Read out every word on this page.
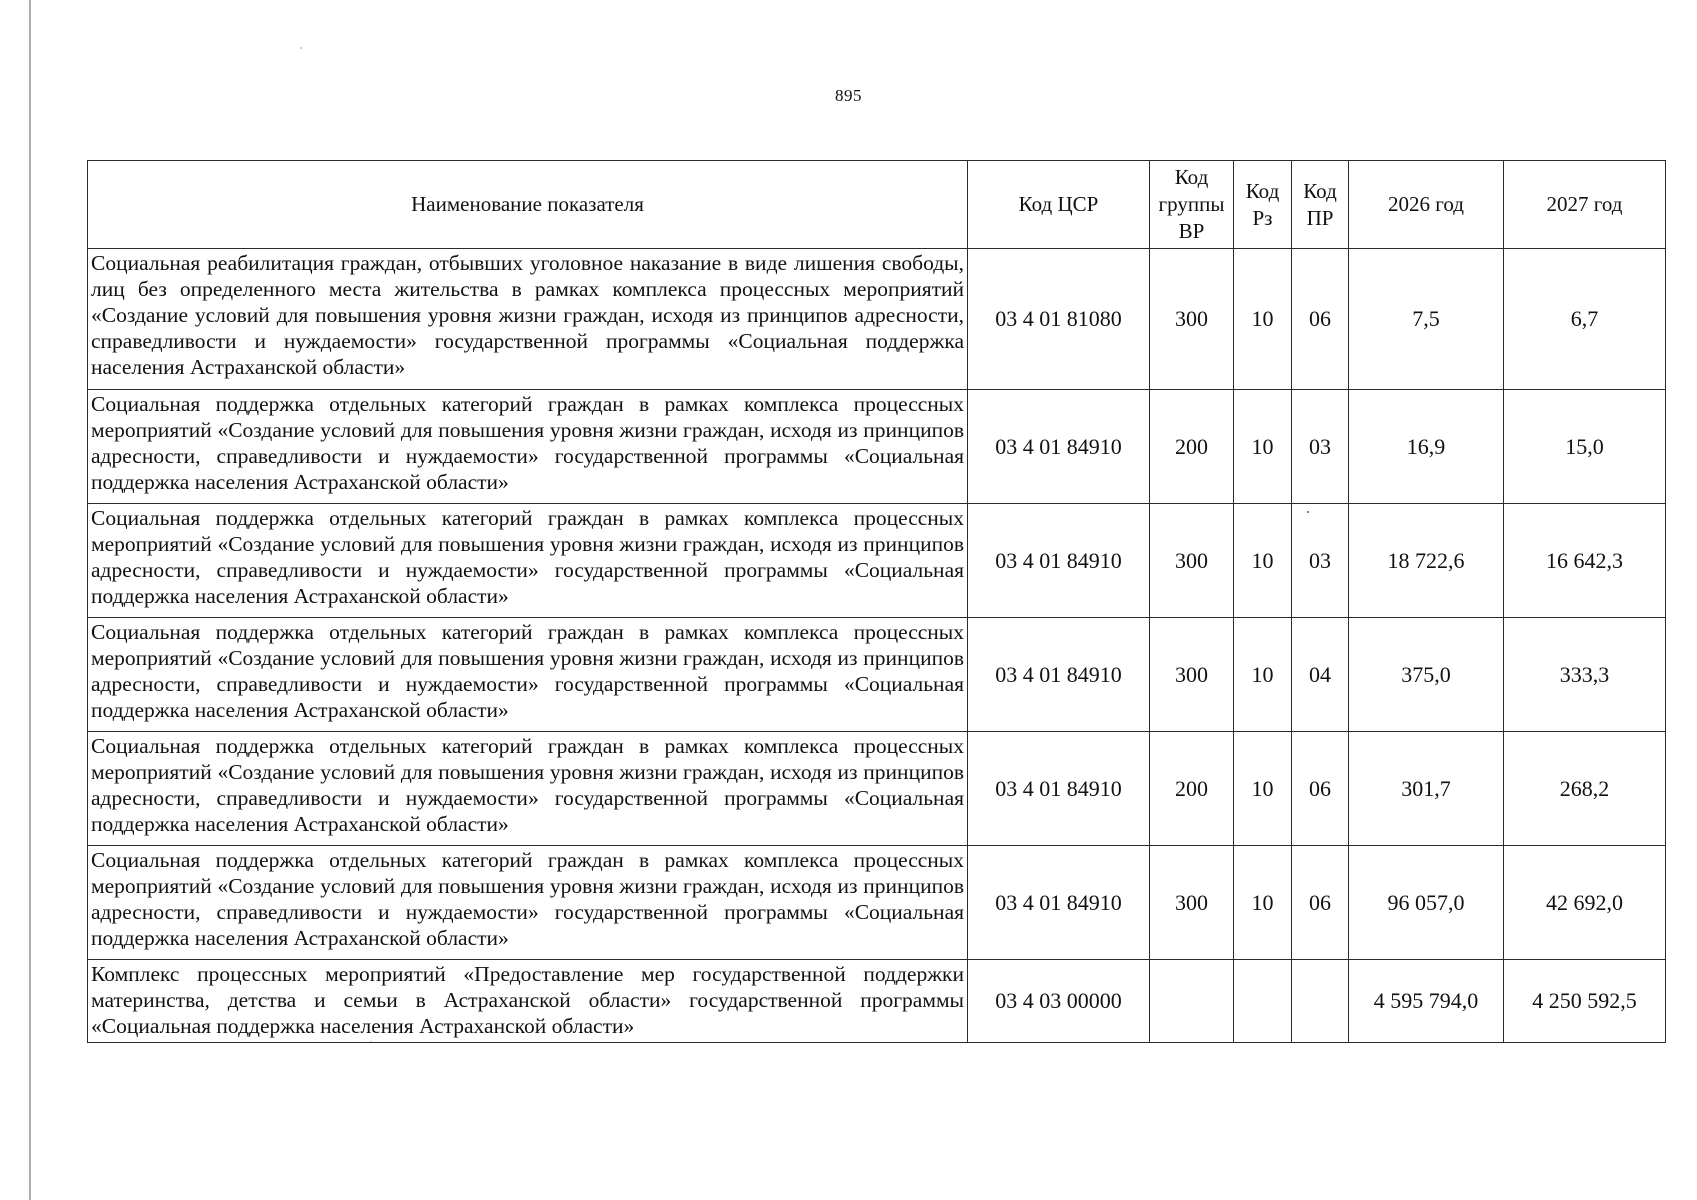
895
Наименование показателя	Код ЦСР	Код группы ВР	Код Рз	Код ПР	2026 год	2027 год
Социальная реабилитация граждан, отбывших уголовное наказание в виде лишения свободы, лиц без определенного места жительства в рамках комплекса процессных мероприятий «Создание условий для повышения уровня жизни граждан, исходя из принципов адресности, справедливости и нуждаемости» государственной программы «Социальная поддержка населения Астраханской области»	03 4 01 81080	300	10	06	7,5	6,7
Социальная поддержка отдельных категорий граждан в рамках комплекса процессных мероприятий «Создание условий для повышения уровня жизни граждан, исходя из принципов адресности, справедливости и нуждаемости» государственной программы «Социальная поддержка населения Астраханской области»	03 4 01 84910	200	10	03	16,9	15,0
Социальная поддержка отдельных категорий граждан в рамках комплекса процессных мероприятий «Создание условий для повышения уровня жизни граждан, исходя из принципов адресности, справедливости и нуждаемости» государственной программы «Социальная поддержка населения Астраханской области»	03 4 01 84910	300	10	03	18 722,6	16 642,3
Социальная поддержка отдельных категорий граждан в рамках комплекса процессных мероприятий «Создание условий для повышения уровня жизни граждан, исходя из принципов адресности, справедливости и нуждаемости» государственной программы «Социальная поддержка населения Астраханской области»	03 4 01 84910	300	10	04	375,0	333,3
Социальная поддержка отдельных категорий граждан в рамках комплекса процессных мероприятий «Создание условий для повышения уровня жизни граждан, исходя из принципов адресности, справедливости и нуждаемости» государственной программы «Социальная поддержка населения Астраханской области»	03 4 01 84910	200	10	06	301,7	268,2
Социальная поддержка отдельных категорий граждан в рамках комплекса процессных мероприятий «Создание условий для повышения уровня жизни граждан, исходя из принципов адресности, справедливости и нуждаемости» государственной программы «Социальная поддержка населения Астраханской области»	03 4 01 84910	300	10	06	96 057,0	42 692,0
Комплекс процессных мероприятий «Предоставление мер государственной поддержки материнства, детства и семьи в Астраханской области» государственной программы «Социальная поддержка населения Астраханской области»	03 4 03 00000				4 595 794,0	4 250 592,5
